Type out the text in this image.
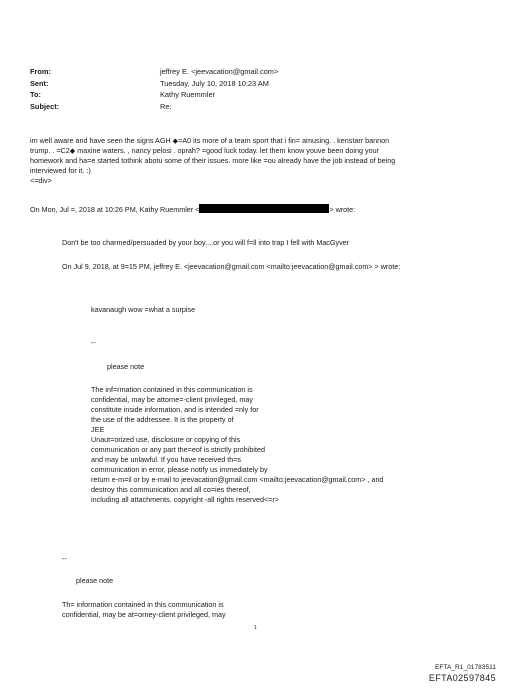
From:	jeffrey E. <jeevacation@gmail.com>
Sent:	Tuesday, July 10, 2018 10:23 AM
To:	Kathy Ruemmler
Subject:	Re:
im well aware and have seen the signs AGH ◆=A0 its more of a team sport that i fin= amusing. . kenstarr bannon
trump. . =C2◆ maxine waters. , nancy pelosi . oprah? =good luck today. let them know youve been doing your
homework and ha=e started tothink abotu some of their issues. more like =ou already have the job instead of being
interviewed for it. :)
<=div>
On Mon, Jul =, 2018 at 10:26 PM, Kathy Ruemmler <	> wrote:
Don't be too charmed/persuaded by your boy....or you will f=ll into trap I fell with MacGyver
On Jul 9, 2018, at 9=15 PM, jeffrey E. <jeevacation@gmail.com <mailto:jeevacation@gmail.com> > wrote:
kavanaugh wow =what a surpise
--
please note
The inf=rmation contained in this communication is
confidential, may be attorne=-client privileged, may
constitute inside information, and is intended =nly for
the use of the addressee. It is the property of
JEE
Unaut=orized use, disclosure or copying of this
communication or any part the=eof is strictly prohibited
and may be unlawful. If you have received th=s
communication in error, please notify us immediately by
return e-m=il or by e-mail to jeevacation@gmail.com <mailto:jeevacation@gmail.com> , and
destroy this communication and all co=ies thereof,
including all attachments. copyright -all rights reserved<=r>
--
please note
Th= information contained in this communication is
confidential, may be at=orney-client privileged, may
1
EFTA_R1_01783511
EFTA02597845
